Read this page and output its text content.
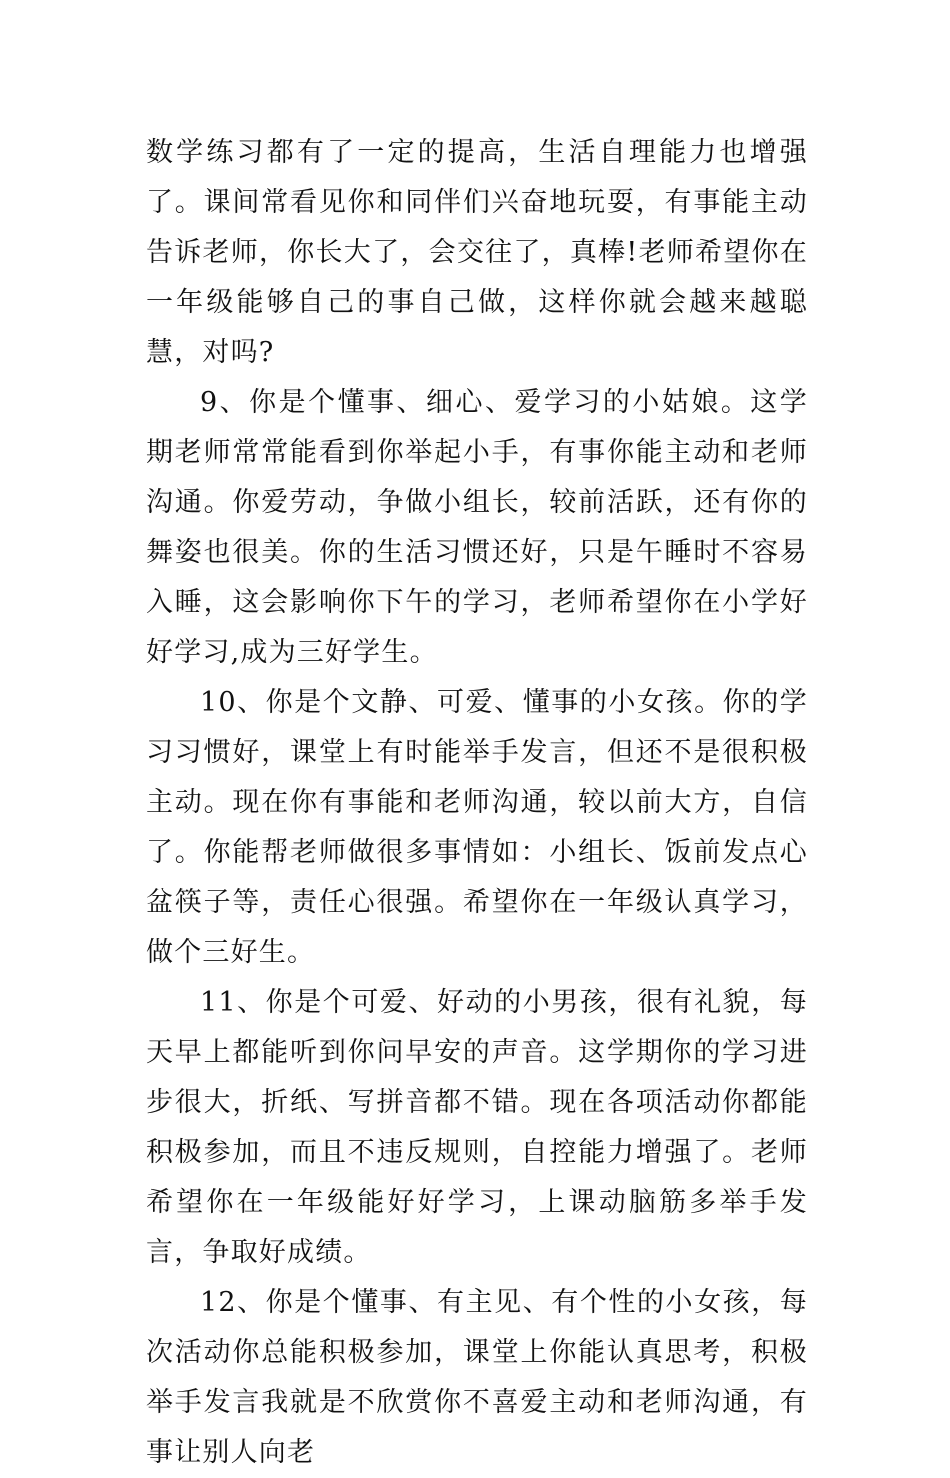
数学练习都有了一定的提高，生活自理能力也增强了。课间常看见你和同伴们兴奋地玩耍，有事能主动告诉老师，你长大了，会交往了，真棒!老师希望你在一年级能够自己的事自己做，这样你就会越来越聪慧，对吗?

9、你是个懂事、细心、爱学习的小姑娘。这学期老师常常能看到你举起小手，有事你能主动和老师沟通。你爱劳动，争做小组长，较前活跃，还有你的舞姿也很美。你的生活习惯还好，只是午睡时不容易入睡，这会影响你下午的学习，老师希望你在小学好好学习,成为三好学生。

10、你是个文静、可爱、懂事的小女孩。你的学习习惯好，课堂上有时能举手发言，但还不是很积极主动。现在你有事能和老师沟通，较以前大方，自信了。你能帮老师做很多事情如：小组长、饭前发点心盆筷子等，责任心很强。希望你在一年级认真学习，做个三好生。

11、你是个可爱、好动的小男孩，很有礼貌，每天早上都能听到你问早安的声音。这学期你的学习进步很大，折纸、写拼音都不错。现在各项活动你都能积极参加，而且不违反规则，自控能力增强了。老师希望你在一年级能好好学习，上课动脑筋多举手发言，争取好成绩。

12、你是个懂事、有主见、有个性的小女孩，每次活动你总能积极参加，课堂上你能认真思考，积极举手发言我就是不欣赏你不喜爱主动和老师沟通，有事让别人向老
